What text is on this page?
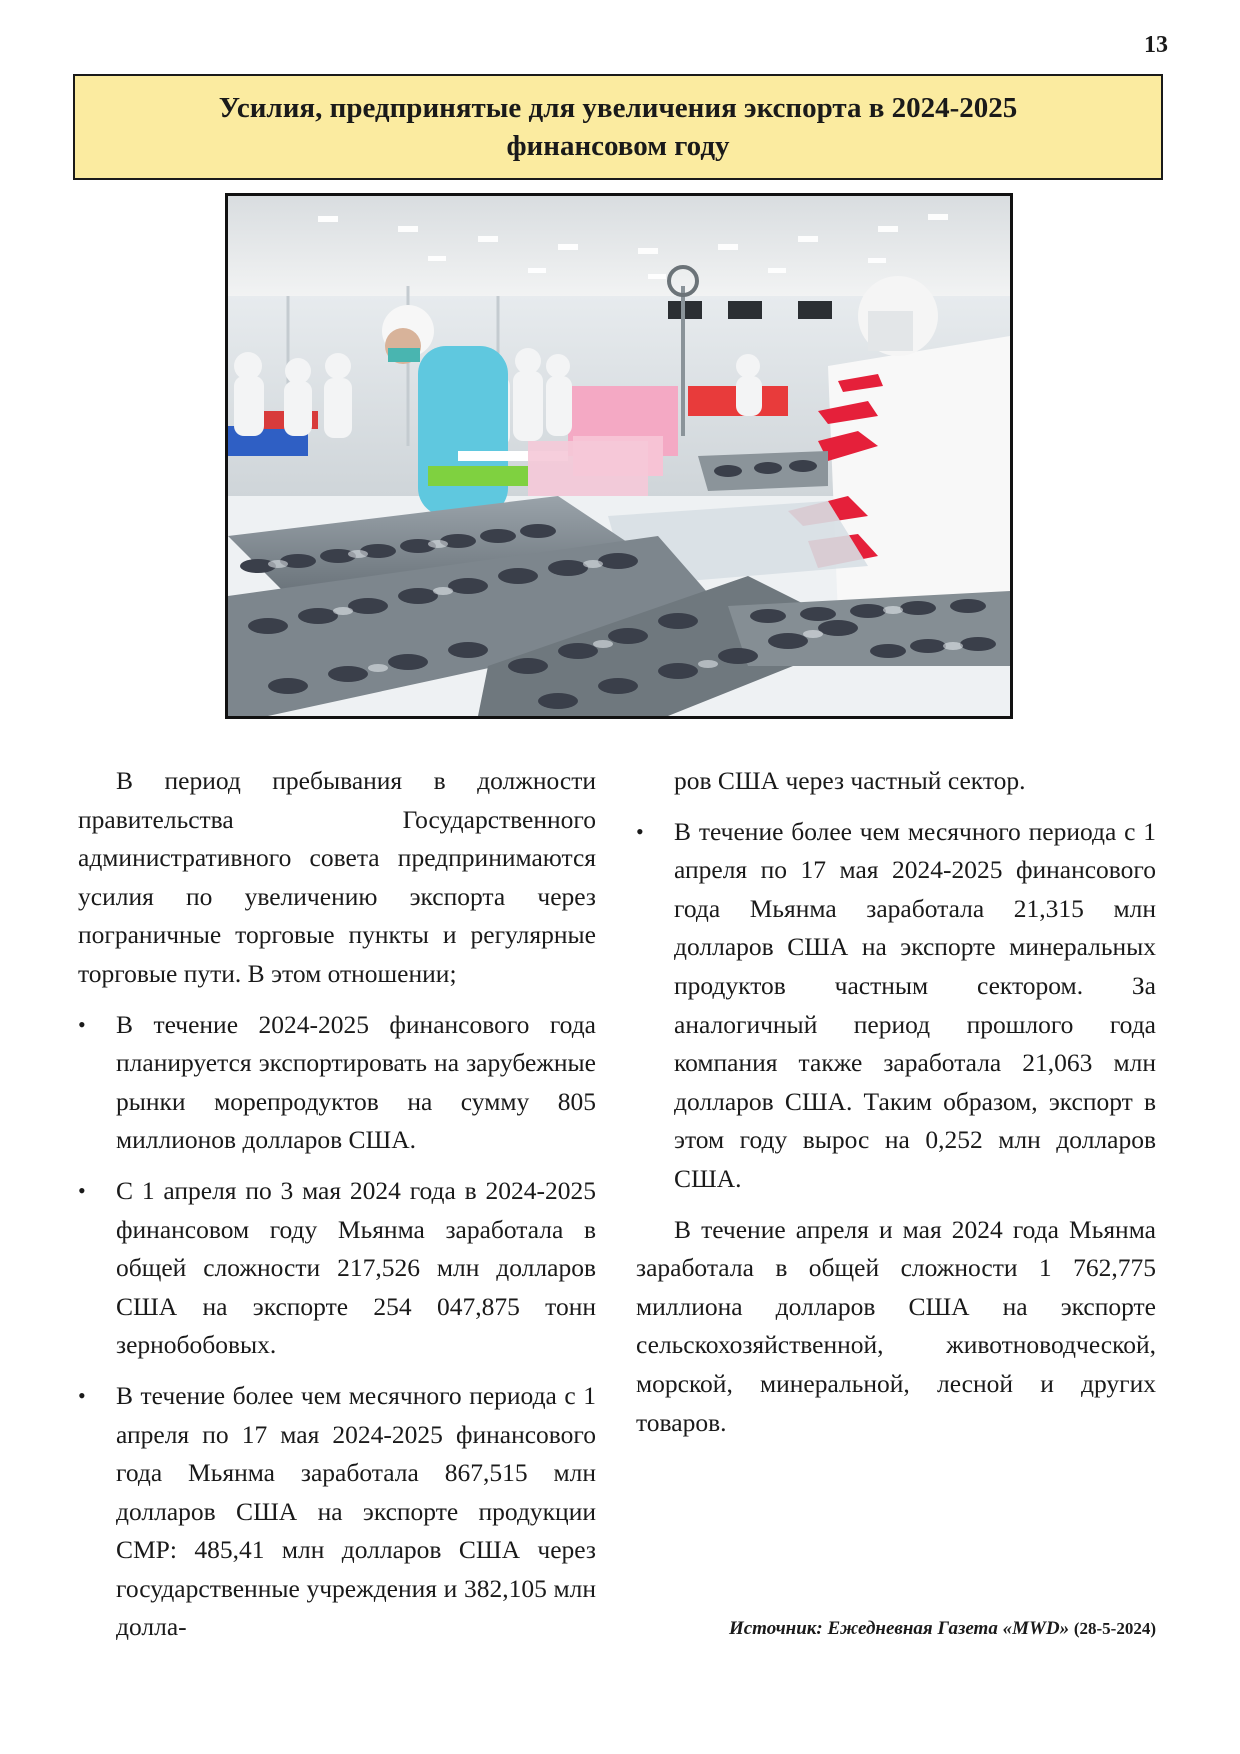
13
Усилия, предпринятые для увеличения экспорта в 2024-2025 финансовом году

В период пребывания в должности правительства Государственного административного совета предпринимаются усилия по увеличению экспорта через пограничные торговые пункты и регулярные торговые пути. В этом отношении;

• В течение 2024-2025 финансового года планируется экспортировать на зарубежные рынки морепродуктов на сумму 805 миллионов долларов США.
• С 1 апреля по 3 мая 2024 года в 2024-2025 финансовом году Мьянма заработала в общей сложности 217,526 млн долларов США на экспорте 254 047,875 тонн зернобобовых.
• В течение более чем месячного периода с 1 апреля по 17 мая 2024-2025 финансового года Мьянма заработала 867,515 млн долларов США на экспорте продукции CMP: 485,41 млн долларов США через государственные учреждения и 382,105 млн долла-

ров США через частный сектор.

• В течение более чем месячного периода с 1 апреля по 17 мая 2024-2025 финансового года Мьянма заработала 21,315 млн долларов США на экспорте минеральных продуктов частным сектором. За аналогичный период прошлого года компания также заработала 21,063 млн долларов США. Таким образом, экспорт в этом году вырос на 0,252 млн долларов США.

В течение апреля и мая 2024 года Мьянма заработала в общей сложности 1 762,775 миллиона долларов США на экспорте сельскохозяйственной, животноводческой, морской, минеральной, лесной и других товаров.

Источник: Ежедневная Газета «MWD» (28-5-2024)
